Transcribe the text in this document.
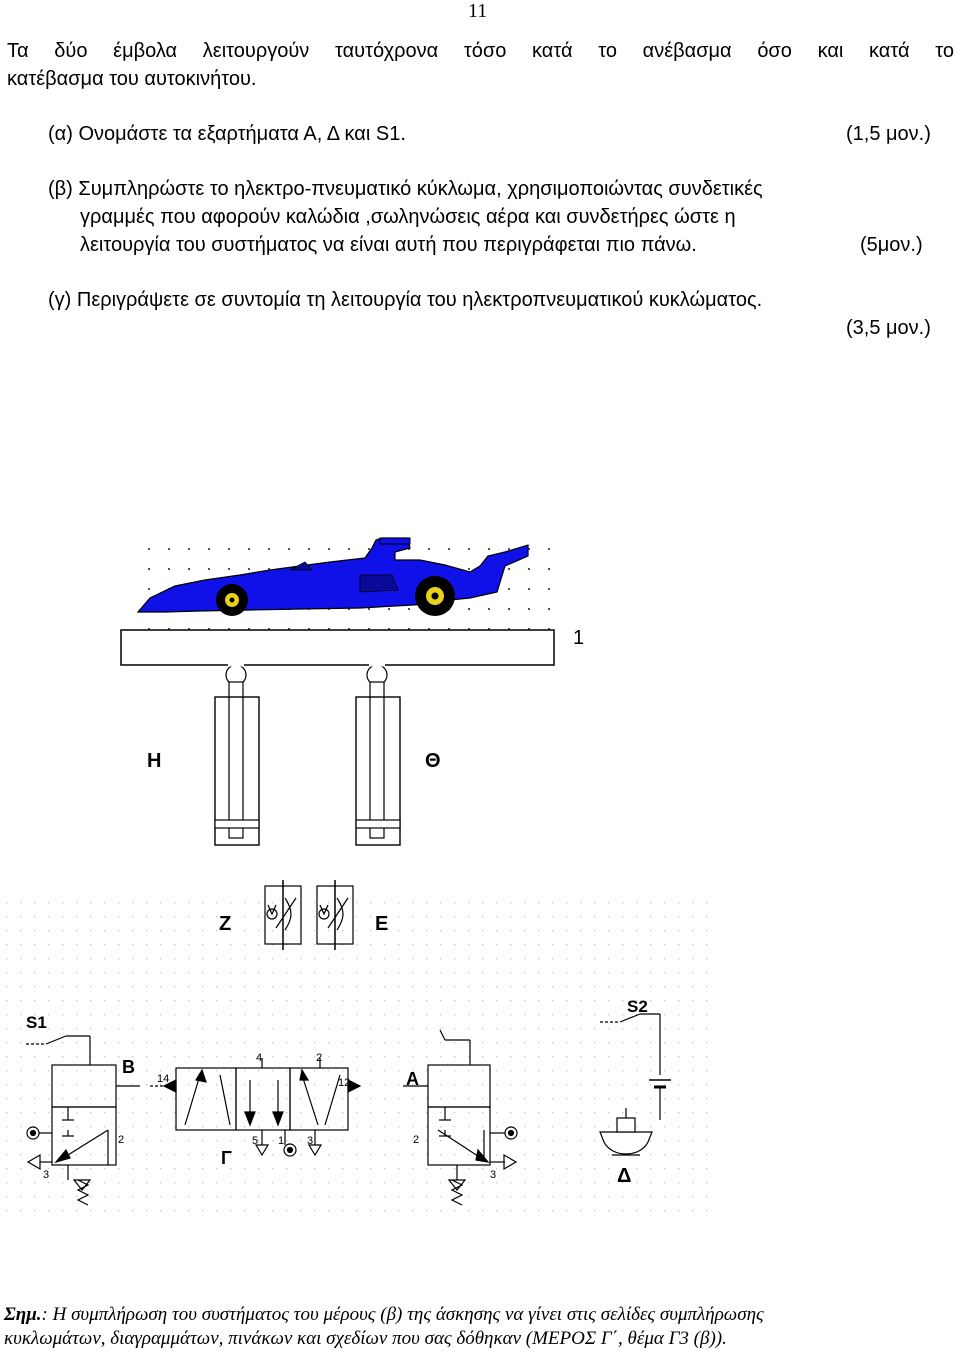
11
Τα δύο έμβολα λειτουργούν ταυτόχρονα τόσο κατά το ανέβασμα όσο και κατά το
κατέβασμα του αυτοκινήτου.
(α) Ονομάστε τα εξαρτήματα Α, Δ και S1.	(1,5 μον.)
(β) Συμπληρώστε το ηλεκτρο-πνευματικό κύκλωμα, χρησιμοποιώντας συνδετικές
γραμμές που αφορούν καλώδια ,σωληνώσεις αέρα και συνδετήρες ώστε η
λειτουργία του συστήματος να είναι αυτή που περιγράφεται πιο πάνω.	(5μον.)
(γ) Περιγράψετε σε συντομία τη λειτουργία του ηλεκτροπνευματικού κυκλώματος.
(3,5 μον.)
1
Η	Θ
Ζ	Ε
S1
S2
Β
Α
Γ
Δ
2
3
14
4	2
12
5 1 3	2
3
Σημ.: Η συμπλήρωση του συστήματος του μέρους (β) της άσκησης να γίνει στις σελίδες συμπλήρωσης
κυκλωμάτων, διαγραμμάτων, πινάκων και σχεδίων που σας δόθηκαν (ΜΕΡΟΣ Γ΄, θέμα Γ3 (β)).
